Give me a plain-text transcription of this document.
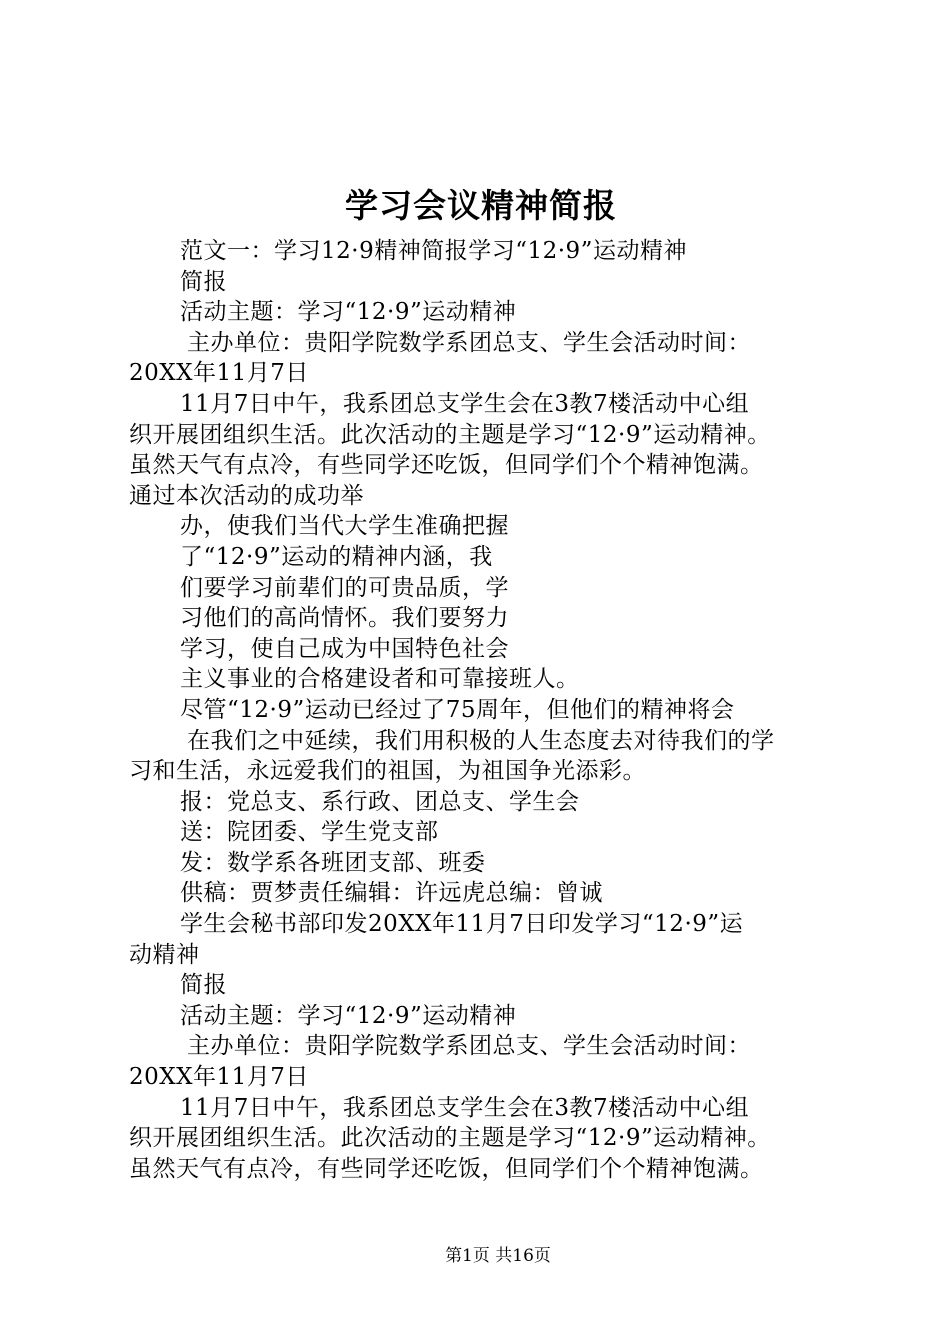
学习会议精神简报
范文一：学习12·9精神简报学习“12·9”运动精神
简报
活动主题：学习“12·9”运动精神
主办单位：贵阳学院数学系团总支、学生会活动时间：
20XX年11月7日
11月7日中午，我系团总支学生会在3教7楼活动中心组
织开展团组织生活。此次活动的主题是学习“12·9”运动精神。
虽然天气有点冷，有些同学还吃饭，但同学们个个精神饱满。
通过本次活动的成功举
办，使我们当代大学生准确把握
了“12·9”运动的精神内涵，我
们要学习前辈们的可贵品质，学
习他们的高尚情怀。我们要努力
学习，使自己成为中国特色社会
主义事业的合格建设者和可靠接班人。
尽管“12·9”运动已经过了75周年，但他们的精神将会
在我们之中延续，我们用积极的人生态度去对待我们的学
习和生活，永远爱我们的祖国，为祖国争光添彩。
报：党总支、系行政、团总支、学生会
送：院团委、学生党支部
发：数学系各班团支部、班委
供稿：贾梦责任编辑：许远虎总编：曾诚
学生会秘书部印发20XX年11月7日印发学习“12·9”运
动精神
简报
活动主题：学习“12·9”运动精神
主办单位：贵阳学院数学系团总支、学生会活动时间：
20XX年11月7日
11月7日中午，我系团总支学生会在3教7楼活动中心组
织开展团组织生活。此次活动的主题是学习“12·9”运动精神。
虽然天气有点冷，有些同学还吃饭，但同学们个个精神饱满。
第1页 共16页
